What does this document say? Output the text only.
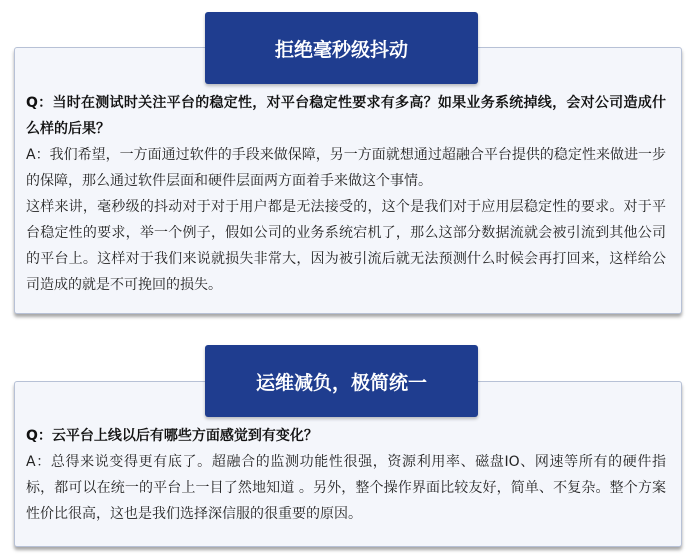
拒绝毫秒级抖动

Q：当时在测试时关注平台的稳定性，对平台稳定性要求有多高？如果业务系统掉线，会对公司造成什么样的后果？

A：我们希望，一方面通过软件的手段来做保障，另一方面就想通过超融合平台提供的稳定性来做进一步的保障，那么通过软件层面和硬件层面两方面着手来做这个事情。

这样来讲，毫秒级的抖动对于对于用户都是无法接受的，这个是我们对于应用层稳定性的要求。对于平台稳定性的要求，举一个例子，假如公司的业务系统宕机了，那么这部分数据流就会被引流到其他公司的平台上。这样对于我们来说就损失非常大，因为被引流后就无法预测什么时候会再打回来，这样给公司造成的就是不可挽回的损失。

运维减负，极简统一

Q：云平台上线以后有哪些方面感觉到有变化？

A：总得来说变得更有底了。超融合的监测功能性很强，资源利用率、磁盘IO、网速等所有的硬件指标，都可以在统一的平台上一目了然地知道 。另外，整个操作界面比较友好，简单、不复杂。整个方案性价比很高，这也是我们选择深信服的很重要的原因。
